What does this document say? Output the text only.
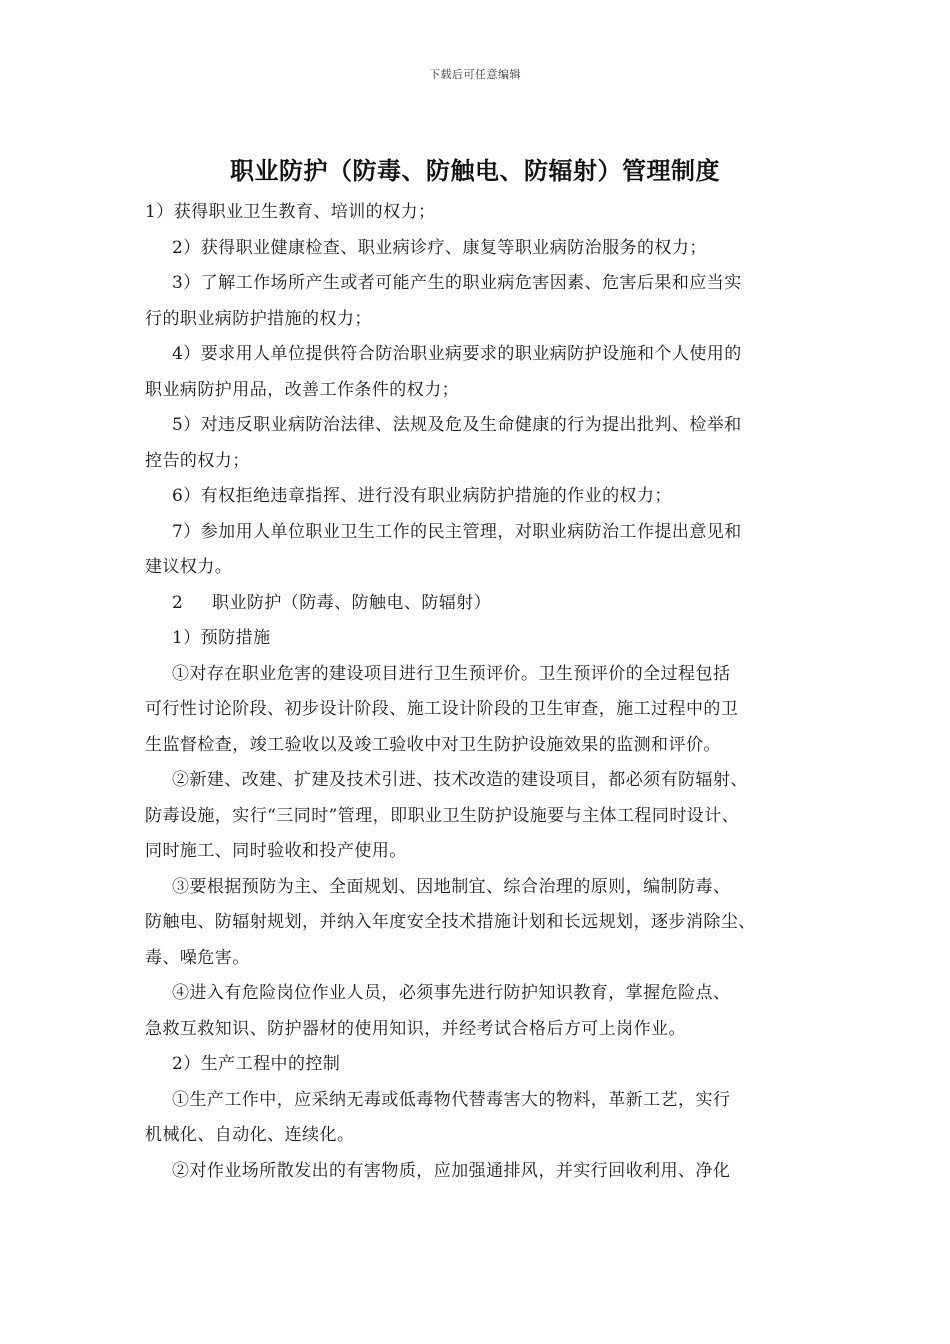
下载后可任意编辑
职业防护（防毒、防触电、防辐射）管理制度
1）获得职业卫生教育、培训的权力；
2）获得职业健康检查、职业病诊疗、康复等职业病防治服务的权力；
3）了解工作场所产生或者可能产生的职业病危害因素、危害后果和应当实
行的职业病防护措施的权力；
4）要求用人单位提供符合防治职业病要求的职业病防护设施和个人使用的
职业病防护用品，改善工作条件的权力；
5）对违反职业病防治法律、法规及危及生命健康的行为提出批判、检举和
控告的权力；
6）有权拒绝违章指挥、进行没有职业病防护措施的作业的权力；
7）参加用人单位职业卫生工作的民主管理，对职业病防治工作提出意见和
建议权力。
2 职业防护（防毒、防触电、防辐射）
1）预防措施
①对存在职业危害的建设项目进行卫生预评价。卫生预评价的全过程包括
可行性讨论阶段、初步设计阶段、施工设计阶段的卫生审查，施工过程中的卫
生监督检查，竣工验收以及竣工验收中对卫生防护设施效果的监测和评价。
②新建、改建、扩建及技术引进、技术改造的建设项目，都必须有防辐射、
防毒设施，实行“三同时”管理，即职业卫生防护设施要与主体工程同时设计、
同时施工、同时验收和投产使用。
③要根据预防为主、全面规划、因地制宜、综合治理的原则，编制防毒、
防触电、防辐射规划，并纳入年度安全技术措施计划和长远规划，逐步消除尘、
毒、噪危害。
④进入有危险岗位作业人员，必须事先进行防护知识教育，掌握危险点、
急救互救知识、防护器材的使用知识，并经考试合格后方可上岗作业。
2）生产工程中的控制
①生产工作中，应采纳无毒或低毒物代替毒害大的物料，革新工艺，实行
机械化、自动化、连续化。
②对作业场所散发出的有害物质，应加强通排风，并实行回收利用、净化
